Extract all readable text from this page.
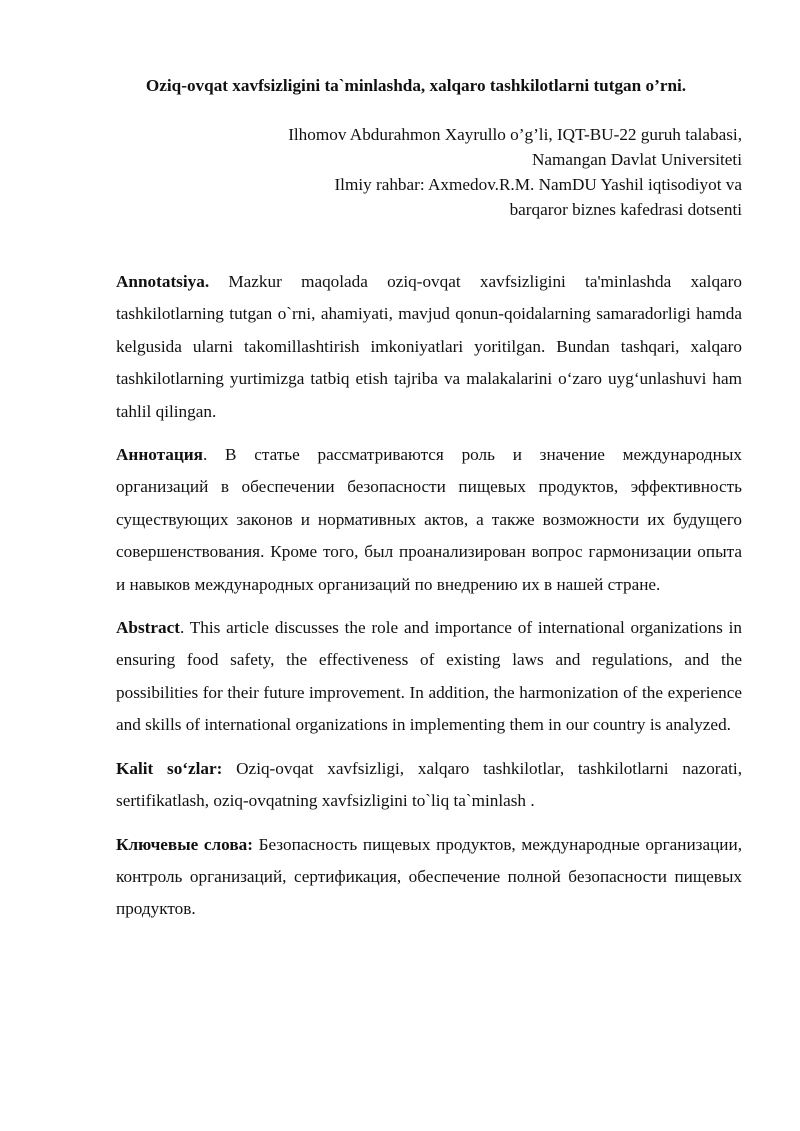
Oziq-ovqat xavfsizligini ta`minlashda, xalqaro tashkilotlarni tutgan o’rni.
Ilhomov Abdurahmon Xayrullo o’g’li, IQT-BU-22 guruh talabasi,
Namangan Davlat Universiteti
Ilmiy rahbar: Axmedov.R.M. NamDU Yashil iqtisodiyot va
barqaror biznes kafedrasi dotsenti

Annotatsiya. Mazkur maqolada oziq-ovqat xavfsizligini ta'minlashda xalqaro tashkilotlarning tutgan o`rni, ahamiyati, mavjud qonun-qoidalarning samaradorligi hamda kelgusida ularni takomillashtirish imkoniyatlari yoritilgan. Bundan tashqari, xalqaro tashkilotlarning yurtimizga tatbiq etish tajriba va malakalarini o‘zaro uyg‘unlashuvi ham tahlil qilingan.

Аннотация. В статье рассматриваются роль и значение международных организаций в обеспечении безопасности пищевых продуктов, эффективность существующих законов и нормативных актов, а также возможности их будущего совершенствования. Кроме того, был проанализирован вопрос гармонизации опыта и навыков международных организаций по внедрению их в нашей стране.

Abstract. This article discusses the role and importance of international organizations in ensuring food safety, the effectiveness of existing laws and regulations, and the possibilities for their future improvement. In addition, the harmonization of the experience and skills of international organizations in implementing them in our country is analyzed.

Kalit so‘zlar: Oziq-ovqat xavfsizligi, xalqaro tashkilotlar, tashkilotlarni nazorati, sertifikatlash, oziq-ovqatning xavfsizligini to`liq ta`minlash .

Ключевые слова: Безопасность пищевых продуктов, международные организации, контроль организаций, сертификация, обеспечение полной безопасности пищевых продуктов.
